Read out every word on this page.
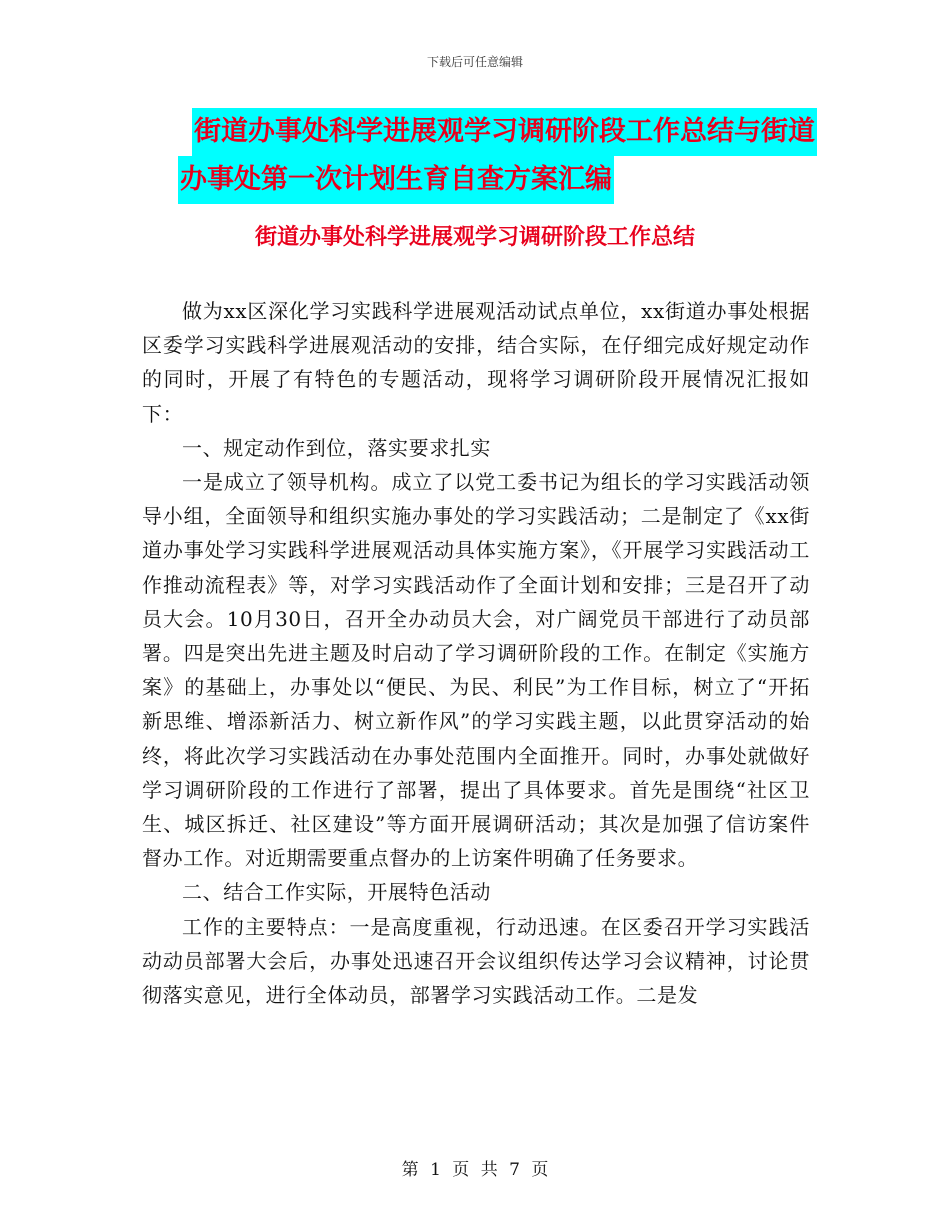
下载后可任意编辑
街道办事处科学进展观学习调研阶段工作总结与街道
办事处第一次计划生育自查方案汇编
街道办事处科学进展观学习调研阶段工作总结

做为xx区深化学习实践科学进展观活动试点单位，xx街道办事处根据区委学习实践科学进展观活动的安排，结合实际，在仔细完成好规定动作的同时，开展了有特色的专题活动，现将学习调研阶段开展情况汇报如下：

一、规定动作到位，落实要求扎实

一是成立了领导机构。成立了以党工委书记为组长的学习实践活动领导小组，全面领导和组织实施办事处的学习实践活动；二是制定了《xx街道办事处学习实践科学进展观活动具体实施方案》，《开展学习实践活动工作推动流程表》等，对学习实践活动作了全面计划和安排；三是召开了动员大会。10月30日，召开全办动员大会，对广阔党员干部进行了动员部署。四是突出先进主题及时启动了学习调研阶段的工作。在制定《实施方案》的基础上，办事处以“便民、为民、利民”为工作目标，树立了“开拓新思维、增添新活力、树立新作风”的学习实践主题，以此贯穿活动的始终，将此次学习实践活动在办事处范围内全面推开。同时，办事处就做好学习调研阶段的工作进行了部署，提出了具体要求。首先是围绕“社区卫生、城区拆迁、社区建设”等方面开展调研活动；其次是加强了信访案件督办工作。对近期需要重点督办的上访案件明确了任务要求。

二、结合工作实际，开展特色活动

工作的主要特点：一是高度重视，行动迅速。在区委召开学习实践活动动员部署大会后，办事处迅速召开会议组织传达学习会议精神，讨论贯彻落实意见，进行全体动员，部署学习实践活动工作。二是发

第 1 页 共 7 页
